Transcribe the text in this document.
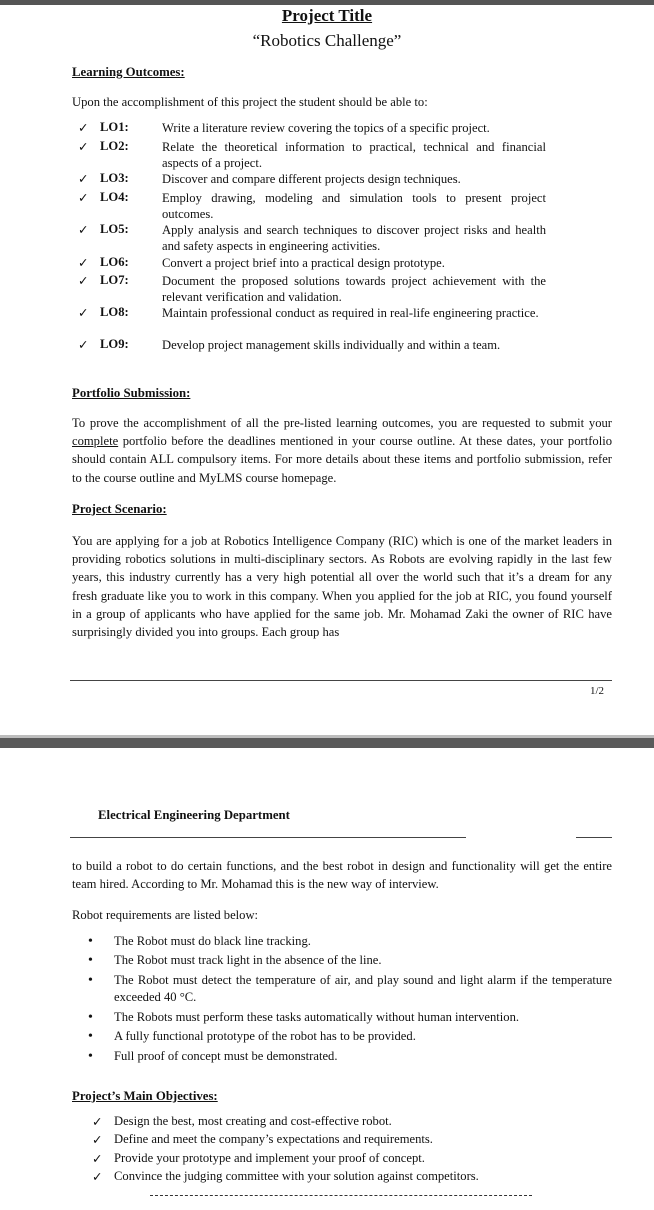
Project Title
“Robotics Challenge”
Learning Outcomes:
Upon the accomplishment of this project the student should be able to:
✓ LO1:	Write a literature review covering the topics of a specific project.
✓ LO2:	Relate the theoretical information to practical, technical and financial aspects of a project.
✓ LO3:	Discover and compare different projects design techniques.
✓ LO4:	Employ drawing, modeling and simulation tools to present project outcomes.
✓ LO5:	Apply analysis and search techniques to discover project risks and health and safety aspects in engineering activities.
✓ LO6:	Convert a project brief into a practical design prototype.
✓ LO7:	Document the proposed solutions towards project achievement with the relevant verification and validation.
✓ LO8:	Maintain professional conduct as required in real-life engineering practice.
✓ LO9:	Develop project management skills individually and within a team.
Portfolio Submission:
To prove the accomplishment of all the pre-listed learning outcomes, you are requested to submit your complete portfolio before the deadlines mentioned in your course outline. At these dates, your portfolio should contain ALL compulsory items. For more details about these items and portfolio submission, refer to the course outline and MyLMS course homepage.
Project Scenario:
You are applying for a job at Robotics Intelligence Company (RIC) which is one of the market leaders in providing robotics solutions in multi-disciplinary sectors. As Robots are evolving rapidly in the last few years, this industry currently has a very high potential all over the world such that it’s a dream for any fresh graduate like you to work in this company. When you applied for the job at RIC, you found yourself in a group of applicants who have applied for the same job. Mr. Mohamad Zaki the owner of RIC have surprisingly divided you into groups. Each group has
1/2
Electrical Engineering Department
to build a robot to do certain functions, and the best robot in design and functionality will get the entire team hired. According to Mr. Mohamad this is the new way of interview.
Robot requirements are listed below:
• The Robot must do black line tracking.
• The Robot must track light in the absence of the line.
• The Robot must detect the temperature of air, and play sound and light alarm if the temperature exceeded 40 °C.
• The Robots must perform these tasks automatically without human intervention.
• A fully functional prototype of the robot has to be provided.
• Full proof of concept must be demonstrated.
Project’s Main Objectives:
✓ Design the best, most creating and cost-effective robot.
✓ Define and meet the company’s expectations and requirements.
✓ Provide your prototype and implement your proof of concept.
✓ Convince the judging committee with your solution against competitors.
